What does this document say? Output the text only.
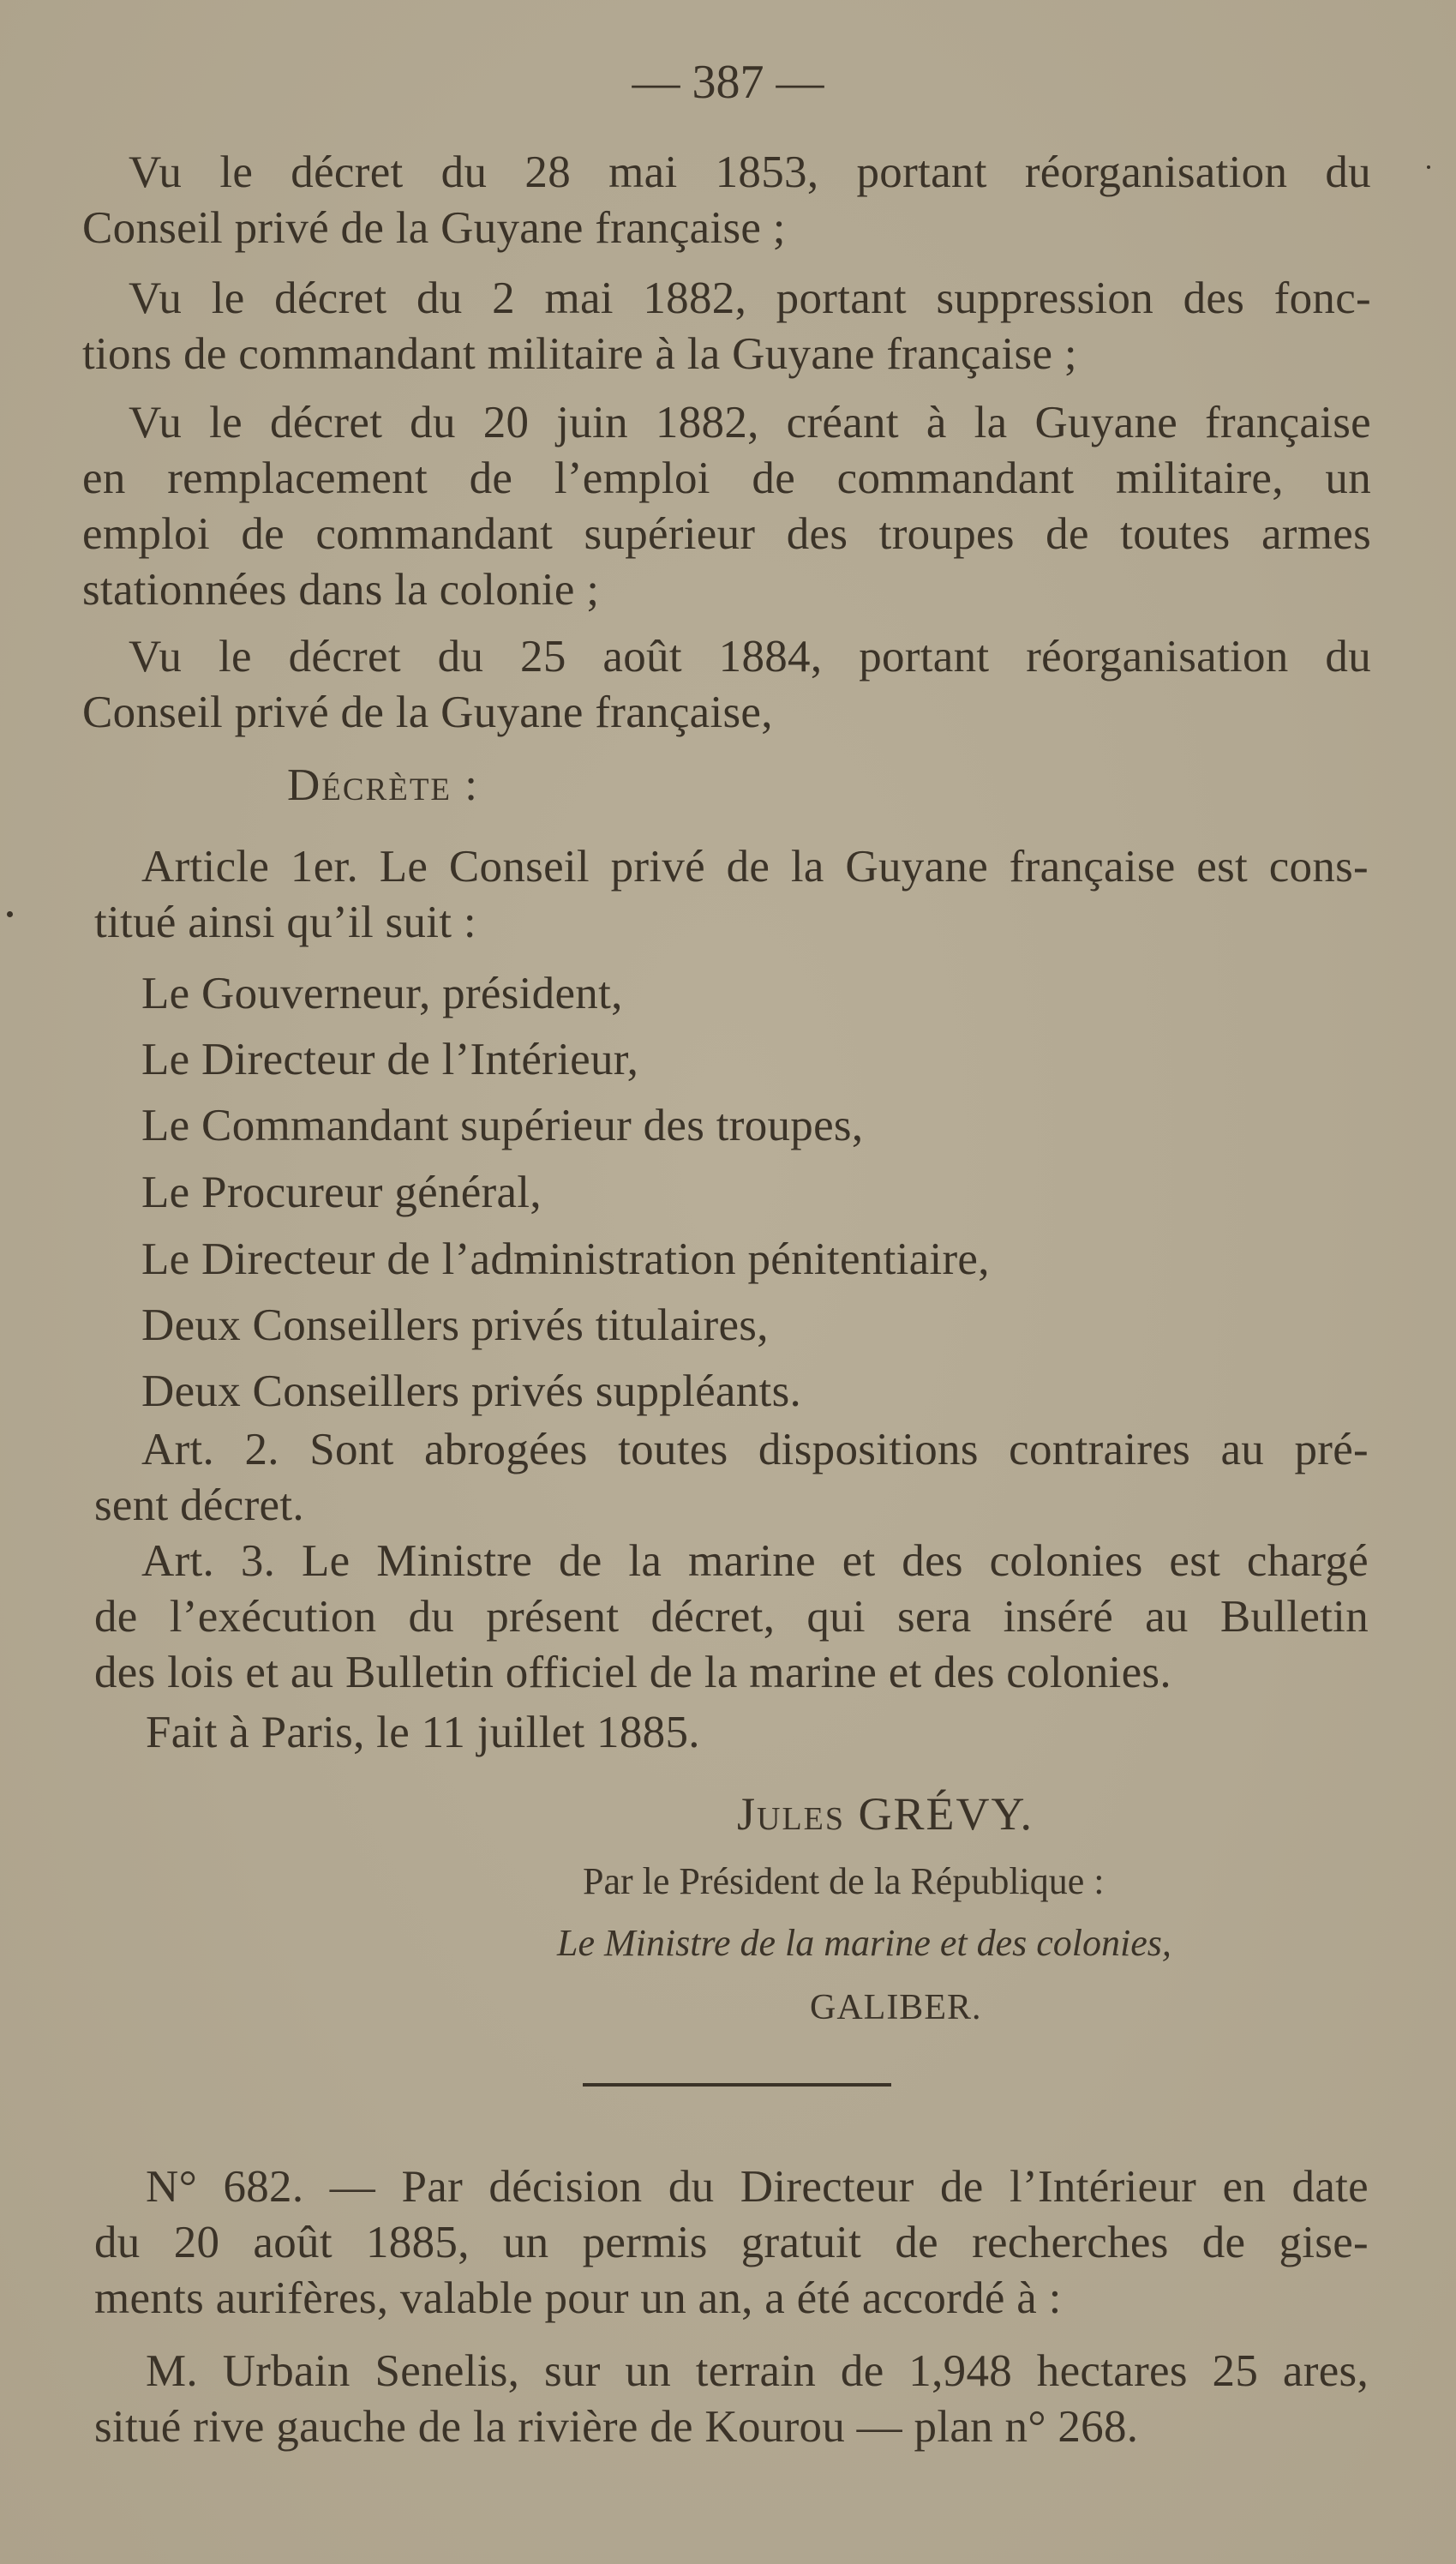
— 387 —
Vu le décret du 28 mai 1853, portant réorganisation du
Conseil privé de la Guyane française ;
Vu le décret du 2 mai 1882, portant suppression des fonc-
tions de commandant militaire à la Guyane française ;
Vu le décret du 20 juin 1882, créant à la Guyane française
en remplacement de l’emploi de commandant militaire, un
emploi de commandant supérieur des troupes de toutes armes
stationnées dans la colonie ;
Vu le décret du 25 août 1884, portant réorganisation du
Conseil privé de la Guyane française,
Décrète :
Article 1er. Le Conseil privé de la Guyane française est cons-
titué ainsi qu’il suit :
Le Gouverneur, président,
Le Directeur de l’Intérieur,
Le Commandant supérieur des troupes,
Le Procureur général,
Le Directeur de l’administration pénitentiaire,
Deux Conseillers privés titulaires,
Deux Conseillers privés suppléants.
Art. 2. Sont abrogées toutes dispositions contraires au pré-
sent décret.
Art. 3. Le Ministre de la marine et des colonies est chargé
de l’exécution du présent décret, qui sera inséré au Bulletin
des lois et au Bulletin officiel de la marine et des colonies.
Fait à Paris, le 11 juillet 1885.
Jules GRÉVY.
Par le Président de la République :
Le Ministre de la marine et des colonies,
GALIBER.
N° 682. — Par décision du Directeur de l’Intérieur en date
du 20 août 1885, un permis gratuit de recherches de gise-
ments aurifères, valable pour un an, a été accordé à :
M. Urbain Senelis, sur un terrain de 1,948 hectares 25 ares,
situé rive gauche de la rivière de Kourou — plan n° 268.
